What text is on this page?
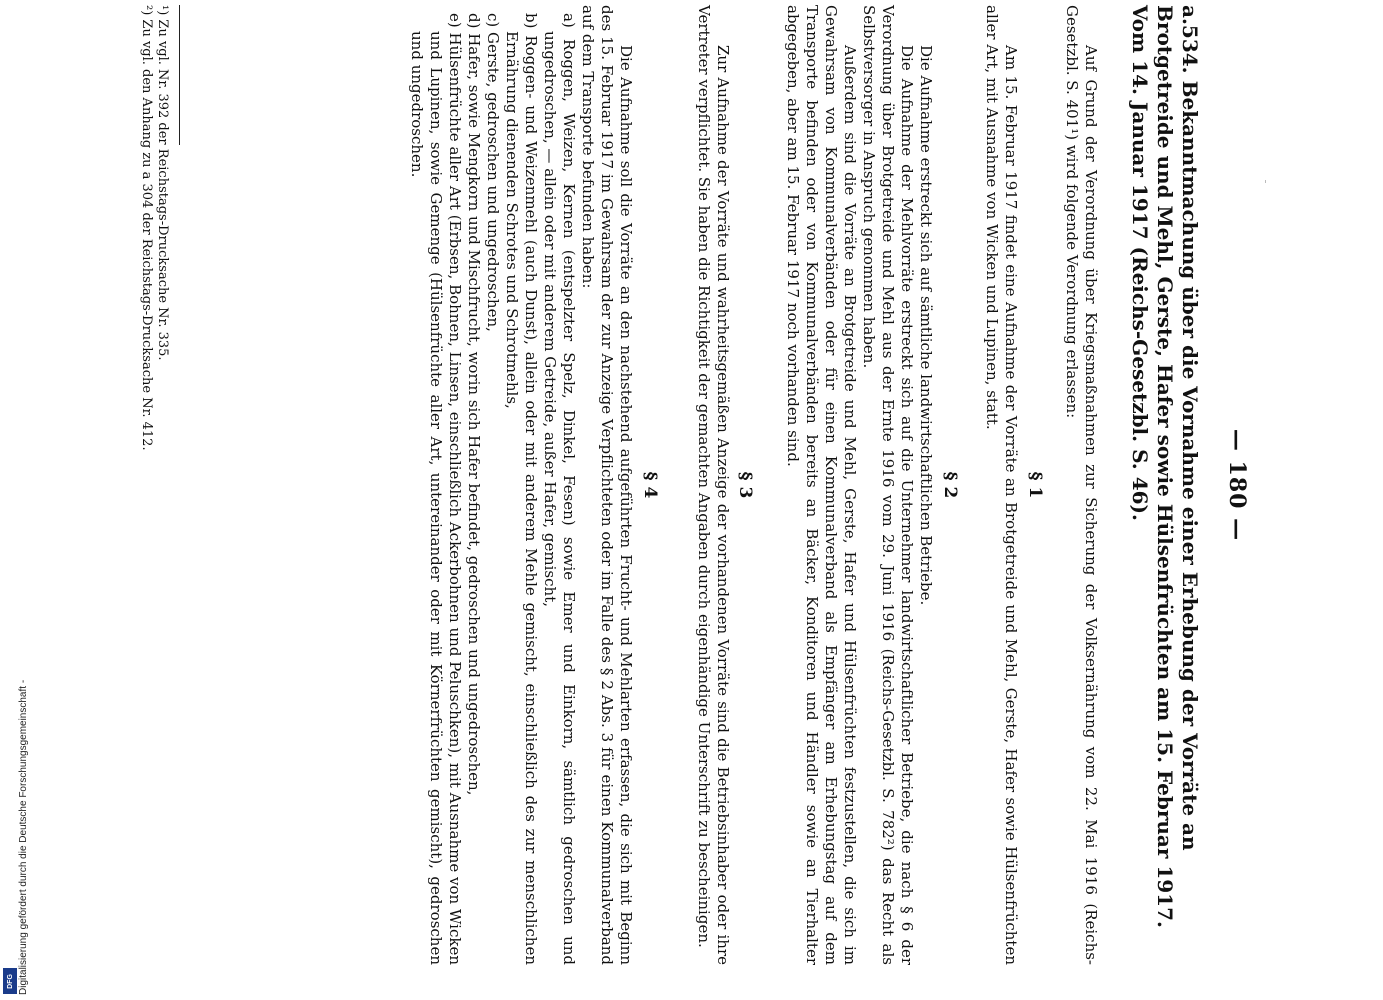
— 180 —
a.534. Bekanntmachung über die Vornahme einer Erhebung der Vorräte an Brotgetreide und Mehl, Gerste, Hafer sowie Hülsenfrüchten am 15. Februar 1917. Vom 14. Januar 1917 (Reichs-Gesetzbl. S. 46).
Auf Grund der Verordnung über Kriegsmaßnahmen zur Sicherung der Volksernährung vom 22. Mai 1916 (Reichs-Gesetzbl. S. 401¹) wird folgende Verordnung erlassen:
§ 1
Am 15. Februar 1917 findet eine Aufnahme der Vorräte an Brotgetreide und Mehl, Gerste, Hafer sowie Hülsenfrüchten aller Art, mit Ausnahme von Wicken und Lupinen, statt.
§ 2

Die Aufnahme erstreckt sich auf sämtliche landwirtschaftlichen Betriebe.

Die Aufnahme der Mehlvorräte erstreckt sich auf die Unternehmer landwirtschaftlicher Betriebe, die nach § 6 der Verordnung über Brotgetreide und Mehl aus der Ernte 1916 vom 29. Juni 1916 (Reichs-Gesetzbl. S. 782²) das Recht als Selbstversorger in Anspruch genommen haben.

Außerdem sind die Vorräte an Brotgetreide und Mehl, Gerste, Hafer und Hülsenfrüchten festzustellen, die sich im Gewahrsam von Kommunalverbänden oder für einen Kommunalverband als Empfänger am Erhebungstag auf dem Transporte befinden oder von Kommunalverbänden bereits an Bäcker, Konditoren und Händler sowie an Tierhalter abgegeben, aber am 15. Februar 1917 noch vorhanden sind.

§ 3
Zur Aufnahme der Vorräte und wahrheitsgemäßen Anzeige der vorhandenen Vorräte sind die Betriebsinhaber oder ihre Vertreter verpflichtet. Sie haben die Richtigkeit der gemachten Angaben durch eigenhändige Unterschrift zu bescheinigen.
§ 4

Die Aufnahme soll die Vorräte an den nachstehend aufgeführten Frucht- und Mehlarten erfassen, die sich mit Beginn des 15. Februar 1917 im Gewahrsam der zur Anzeige Verpflichteten oder im Falle des § 2 Abs. 3 für einen Kommunalverband auf dem Transporte befunden haben:

a) Roggen, Weizen, Kernen (entspelzter Spelz, Dinkel, Fesen) sowie Emer und Einkorn, sämtlich gedroschen und ungedroschen, — allein oder mit anderem Getreide, außer Hafer, gemischt,

b) Roggen- und Weizenmehl (auch Dunst), allein oder mit anderem Mehle gemischt, einschließlich des zur menschlichen Ernährung dienenden Schrotes und Schrotmehls,

c) Gerste, gedroschen und ungedroschen,

d) Hafer, sowie Mengkorn und Mischfrucht, worin sich Hafer befindet, gedroschen und ungedroschen,

e) Hülsenfrüchte aller Art (Erbsen, Bohnen, Linsen, einschließlich Ackerbohnen und Peluschken), mit Ausnahme von Wicken und Lupinen, sowie Gemenge (Hülsenfrüchte aller Art, untereinander oder mit Körnerfrüchten gemischt), gedroschen und ungedroschen.

¹) Zu vgl. Nr. 392 der Reichstags-Drucksache Nr. 335.

²) Zu vgl. den Anhang zu a 304 der Reichstags-Drucksache Nr. 412.

Digitalisierung gefördert durch die Deutsche Forschungsgemeinschaft -
DFG
